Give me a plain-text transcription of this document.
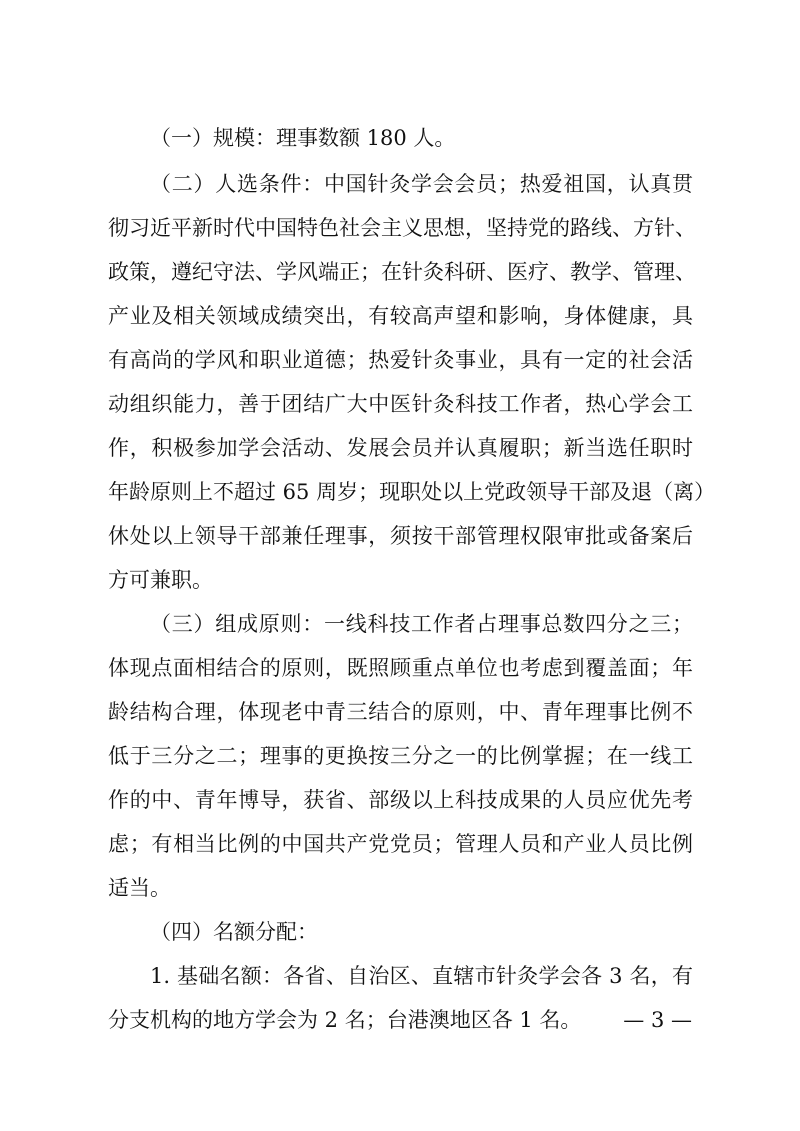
（一）规模：理事数额 180 人。
（二）人选条件：中国针灸学会会员；热爱祖国，认真贯
彻习近平新时代中国特色社会主义思想，坚持党的路线、方针、
政策，遵纪守法、学风端正；在针灸科研、医疗、教学、管理、
产业及相关领域成绩突出，有较高声望和影响，身体健康，具
有高尚的学风和职业道德；热爱针灸事业，具有一定的社会活
动组织能力，善于团结广大中医针灸科技工作者，热心学会工
作，积极参加学会活动、发展会员并认真履职；新当选任职时
年龄原则上不超过 65 周岁；现职处以上党政领导干部及退（离）
休处以上领导干部兼任理事，须按干部管理权限审批或备案后
方可兼职。
（三）组成原则：一线科技工作者占理事总数四分之三；
体现点面相结合的原则，既照顾重点单位也考虑到覆盖面；年
龄结构合理，体现老中青三结合的原则，中、青年理事比例不
低于三分之二；理事的更换按三分之一的比例掌握；在一线工
作的中、青年博导，获省、部级以上科技成果的人员应优先考
虑；有相当比例的中国共产党党员；管理人员和产业人员比例
适当。
（四）名额分配：
1. 基础名额：各省、自治区、直辖市针灸学会各 3 名，有
分支机构的地方学会为 2 名；台港澳地区各 1 名。	— 3 —
